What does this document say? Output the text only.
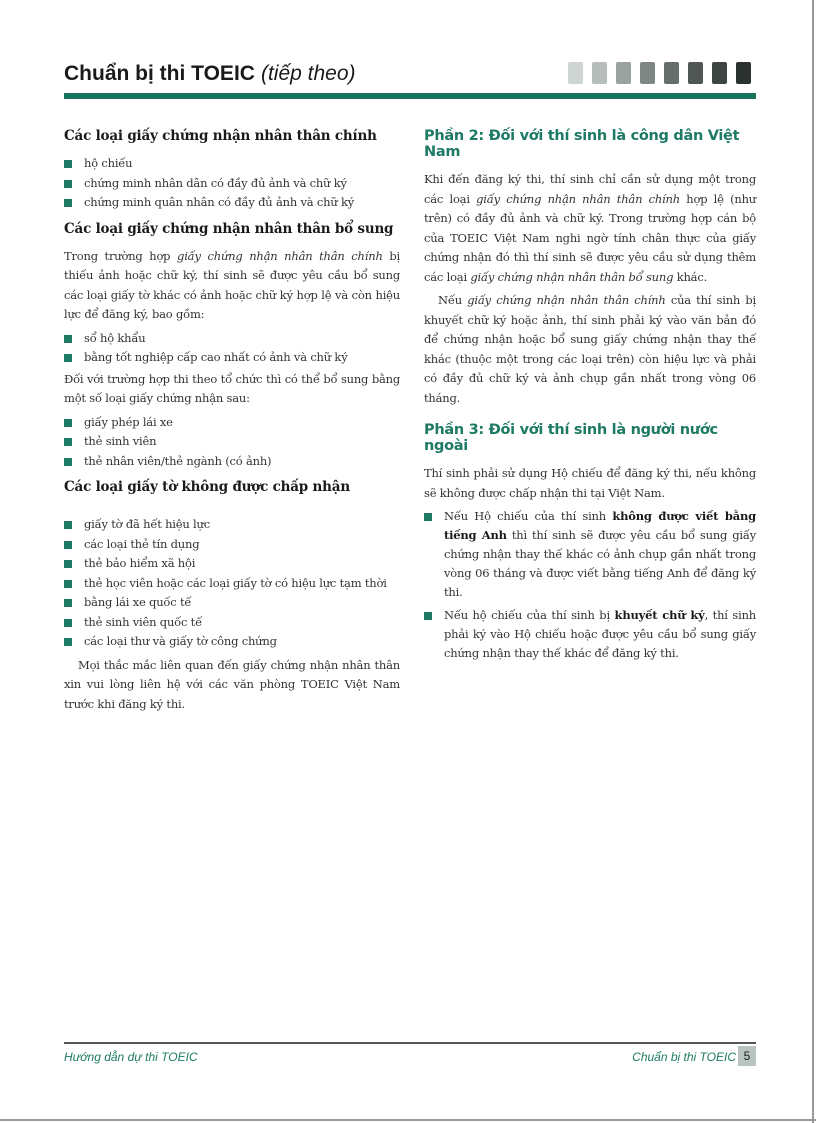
Chuẩn bị thi TOEIC (tiếp theo)
Các loại giấy chứng nhận nhân thân chính
hộ chiếu
chứng minh nhân dân có đầy đủ ảnh và chữ ký
chứng minh quân nhân có đầy đủ ảnh và chữ ký
Các loại giấy chứng nhận nhân thân bổ sung

Trong trường hợp giấy chứng nhận nhân thân chính bị thiếu ảnh hoặc chữ ký, thí sinh sẽ được yêu cầu bổ sung các loại giấy tờ khác có ảnh hoặc chữ ký hợp lệ và còn hiệu lực để đăng ký, bao gồm:

sổ hộ khẩu
bằng tốt nghiệp cấp cao nhất có ảnh và chữ ký

Đối với trường hợp thi theo tổ chức thì có thể bổ sung bằng một số loại giấy chứng nhận sau:

giấy phép lái xe
thẻ sinh viên
thẻ nhân viên/thẻ ngành (có ảnh)
Các loại giấy tờ không được chấp nhận
giấy tờ đã hết hiệu lực
các loại thẻ tín dụng
thẻ bảo hiểm xã hội
thẻ học viên hoặc các loại giấy tờ có hiệu lực tạm thời
bằng lái xe quốc tế
thẻ sinh viên quốc tế
các loại thư và giấy tờ công chứng

Mọi thắc mắc liên quan đến giấy chứng nhận nhân thân xin vui lòng liên hệ với các văn phòng TOEIC Việt Nam trước khi đăng ký thi.

Phần 2: Đối với thí sinh là công dân Việt Nam

Khi đến đăng ký thi, thí sinh chỉ cần sử dụng một trong các loại giấy chứng nhận nhân thân chính hợp lệ (như trên) có đầy đủ ảnh và chữ ký. Trong trường hợp cán bộ của TOEIC Việt Nam nghi ngờ tính chân thực của giấy chứng nhận đó thì thí sinh sẽ được yêu cầu sử dụng thêm các loại giấy chứng nhận nhân thân bổ sung khác.

Nếu giấy chứng nhận nhân thân chính của thí sinh bị khuyết chữ ký hoặc ảnh, thí sinh phải ký vào văn bản đó để chứng nhận hoặc bổ sung giấy chứng nhận thay thế khác (thuộc một trong các loại trên) còn hiệu lực và phải có đầy đủ chữ ký và ảnh chụp gần nhất trong vòng 06 tháng.

Phần 3: Đối với thí sinh là người nước ngoài

Thí sinh phải sử dụng Hộ chiếu để đăng ký thi, nếu không sẽ không được chấp nhận thi tại Việt Nam.

Nếu Hộ chiếu của thí sinh không được viết bằng tiếng Anh thì thí sinh sẽ được yêu cầu bổ sung giấy chứng nhận thay thế khác có ảnh chụp gần nhất trong vòng 06 tháng và được viết bằng tiếng Anh để đăng ký thi.
Nếu hộ chiếu của thí sinh bị khuyết chữ ký, thí sinh phải ký vào Hộ chiếu hoặc được yêu cầu bổ sung giấy chứng nhận thay thế khác để đăng ký thi.
Hướng dẫn dự thi TOEIC	Chuẩn bị thi TOEIC 5
